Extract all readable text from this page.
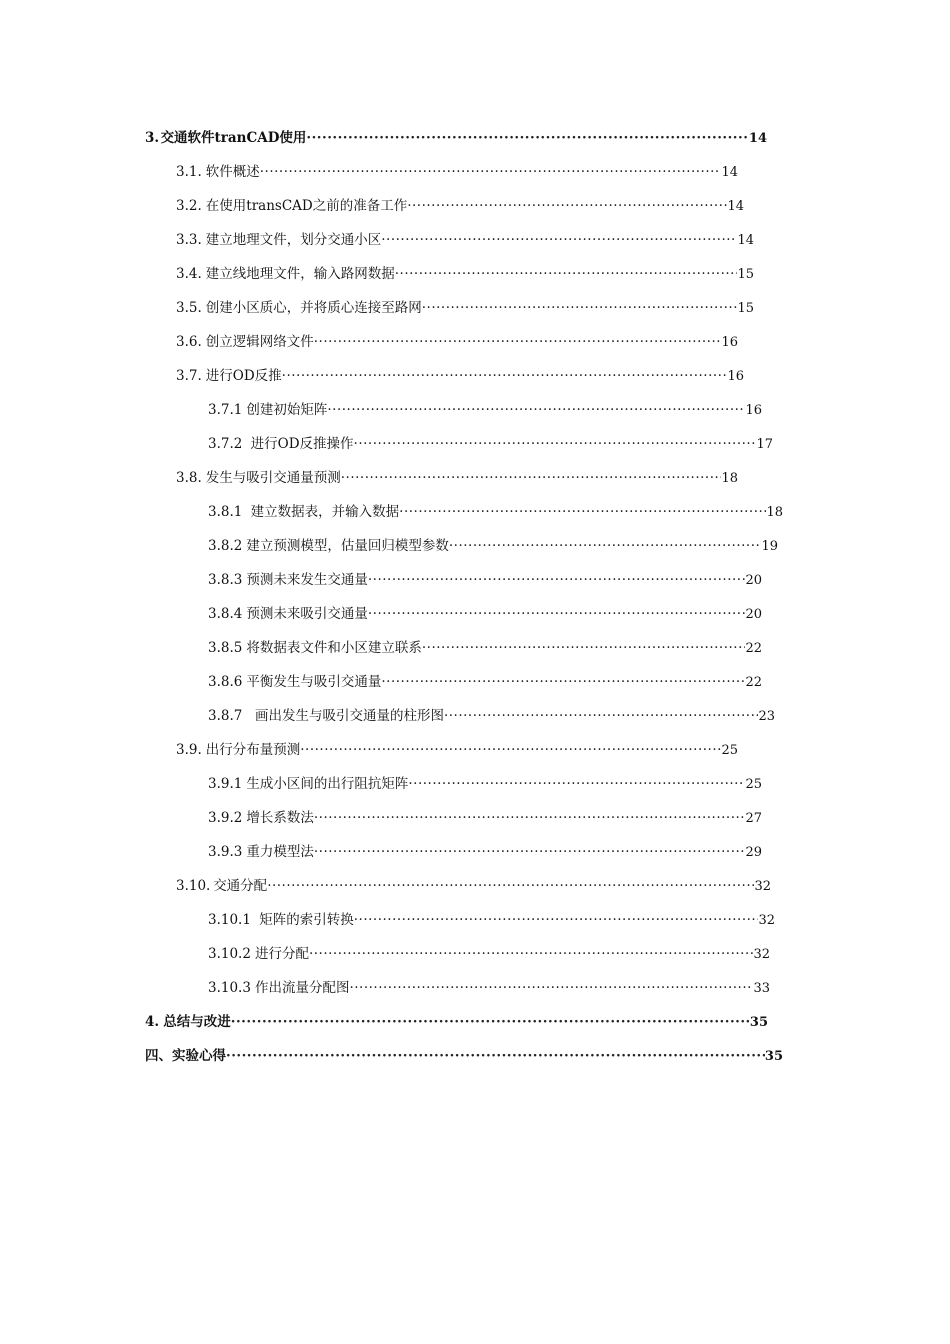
3. 交通软件tranCAD使用 ·····	14
3.1. 软件概述 ·····	14
3.2. 在使用transCAD之前的准备工作 ·····	14
3.3. 建立地理文件，划分交通小区 ·····	14
3.4. 建立线地理文件，输入路网数据 ·····	15
3.5. 创建小区质心，并将质心连接至路网 ·····	15
3.6. 创立逻辑网络文件 ·····	16
3.7. 进行OD反推 ·····	16
3.7.1 创建初始矩阵 ·····	16
3.7.2 进行OD反推操作 ·····	17
3.8. 发生与吸引交通量预测 ·····	18
3.8.1 建立数据表，并输入数据 ·····	18
3.8.2 建立预测模型，估量回归模型参数 ·····	19
3.8.3 预测未来发生交通量 ·····	20
3.8.4 预测未来吸引交通量 ·····	20
3.8.5 将数据表文件和小区建立联系 ·····	22
3.8.6 平衡发生与吸引交通量 ·····	22
3.8.7 画出发生与吸引交通量的柱形图 ·····	23
3.9. 出行分布量预测 ·····	25
3.9.1 生成小区间的出行阻抗矩阵 ·····	25
3.9.2 增长系数法 ·····	27
3.9.3 重力模型法 ·····	29
3.10. 交通分配 ·····	32
3.10.1 矩阵的索引转换 ·····	32
3.10.2 进行分配 ·····	32
3.10.3 作出流量分配图 ·····	33
4. 总结与改进 ·····	35
四、实验心得 ·····	35
